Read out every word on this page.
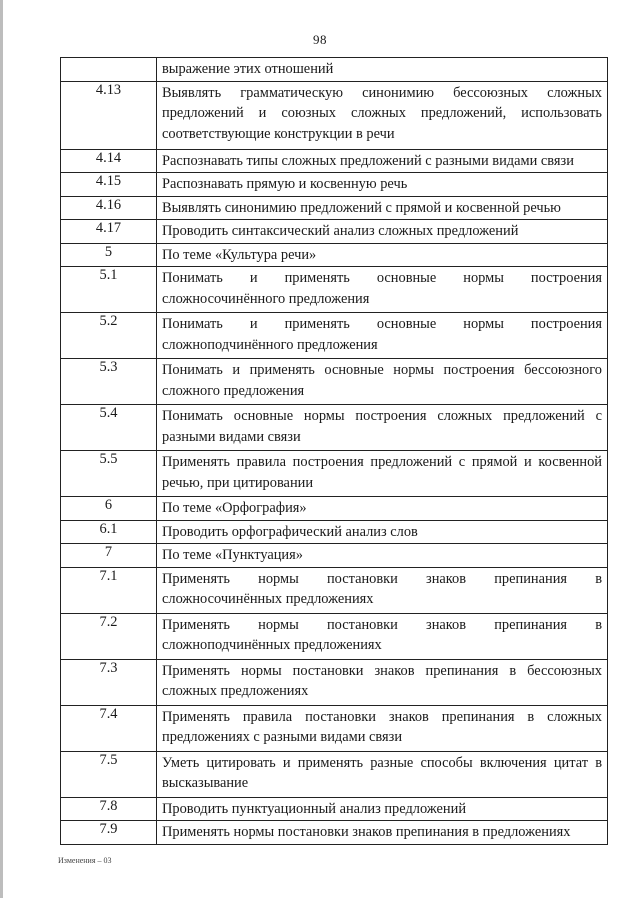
98
	выражение этих отношений
4.13	Выявлять грамматическую синонимию бессоюзных сложных предложений и союзных сложных предложений, использовать соответствующие конструкции в речи
4.14	Распознавать типы сложных предложений с разными видами связи
4.15	Распознавать прямую и косвенную речь
4.16	Выявлять синонимию предложений с прямой и косвенной речью
4.17	Проводить синтаксический анализ сложных предложений
5	По теме «Культура речи»
5.1	Понимать и применять основные нормы построения сложносочинённого предложения
5.2	Понимать и применять основные нормы построения сложноподчинённого предложения
5.3	Понимать и применять основные нормы построения бессоюзного сложного предложения
5.4	Понимать основные нормы построения сложных предложений с разными видами связи
5.5	Применять правила построения предложений с прямой и косвенной речью, при цитировании
6	По теме «Орфография»
6.1	Проводить орфографический анализ слов
7	По теме «Пунктуация»
7.1	Применять нормы постановки знаков препинания в сложносочинённых предложениях
7.2	Применять нормы постановки знаков препинания в сложноподчинённых предложениях
7.3	Применять нормы постановки знаков препинания в бессоюзных сложных предложениях
7.4	Применять правила постановки знаков препинания в сложных предложениях с разными видами связи
7.5	Уметь цитировать и применять разные способы включения цитат в высказывание
7.8	Проводить пунктуационный анализ предложений
7.9	Применять нормы постановки знаков препинания в предложениях
Изменения – 03
